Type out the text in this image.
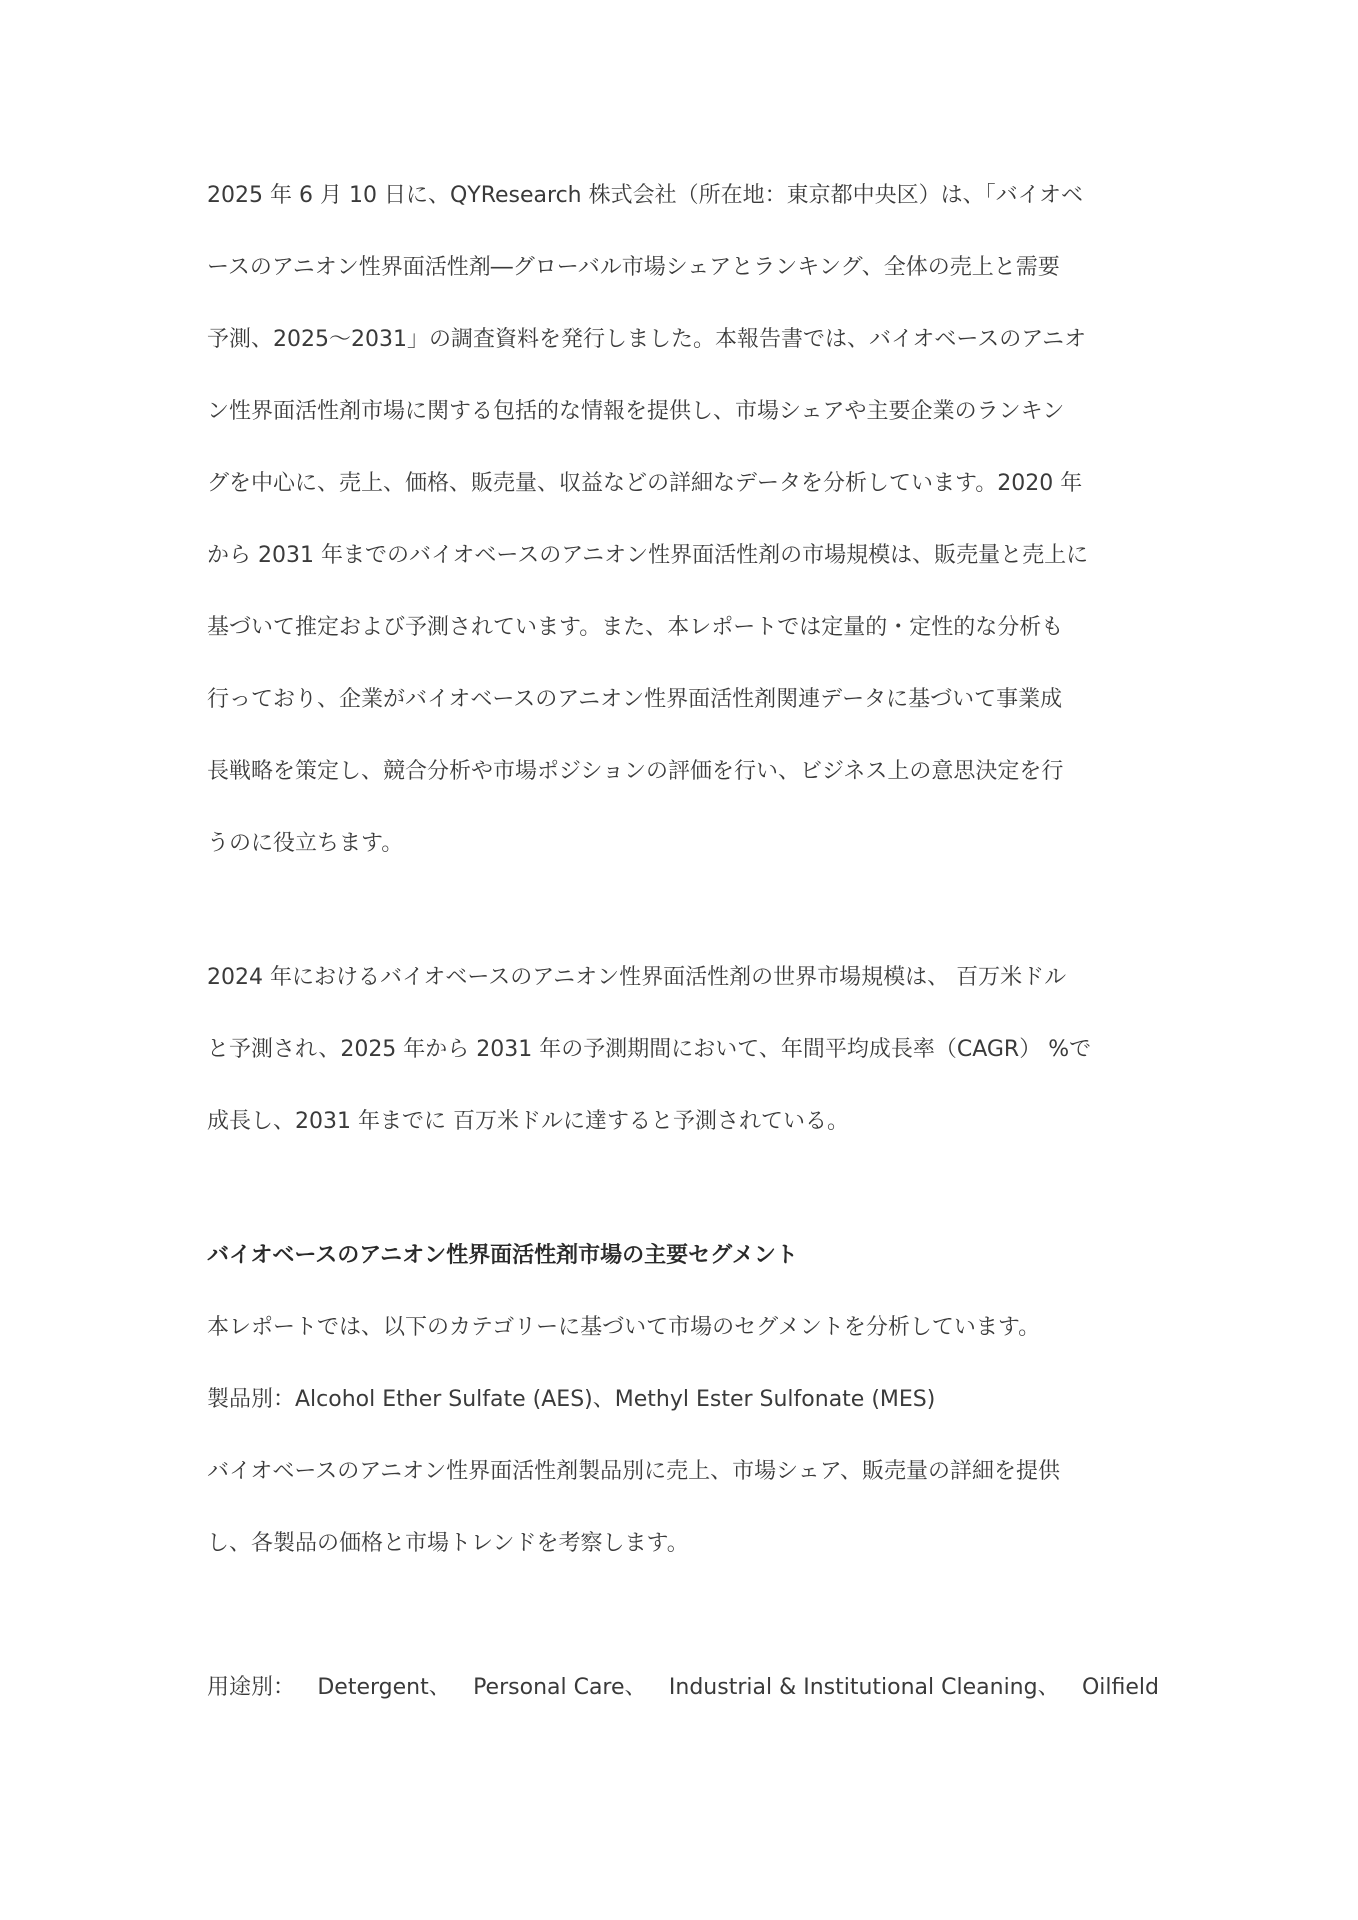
2025 年 6 月 10 日に、QYResearch 株式会社（所在地：東京都中央区）は、「バイオベ
ースのアニオン性界面活性剤―グローバル市場シェアとランキング、全体の売上と需要
予測、2025～2031」の調査資料を発行しました。本報告書では、バイオベースのアニオ
ン性界面活性剤市場に関する包括的な情報を提供し、市場シェアや主要企業のランキン
グを中心に、売上、価格、販売量、収益などの詳細なデータを分析しています。2020 年
から 2031 年までのバイオベースのアニオン性界面活性剤の市場規模は、販売量と売上に
基づいて推定および予測されています。また、本レポートでは定量的・定性的な分析も
行っており、企業がバイオベースのアニオン性界面活性剤関連データに基づいて事業成
長戦略を策定し、競合分析や市場ポジションの評価を行い、ビジネス上の意思決定を行
うのに役立ちます。
2024 年におけるバイオベースのアニオン性界面活性剤の世界市場規模は、 百万米ドル
と予測され、2025 年から 2031 年の予測期間において、年間平均成長率（CAGR） %で
成長し、2031 年までに 百万米ドルに達すると予測されている。
バイオベースのアニオン性界面活性剤市場の主要セグメント
本レポートでは、以下のカテゴリーに基づいて市場のセグメントを分析しています。
製品別：Alcohol Ether Sulfate (AES)、Methyl Ester Sulfonate (MES)
バイオベースのアニオン性界面活性剤製品別に売上、市場シェア、販売量の詳細を提供
し、各製品の価格と市場トレンドを考察します。
用途別： Detergent、 Personal Care、 Industrial & Institutional Cleaning、 Oilfield
